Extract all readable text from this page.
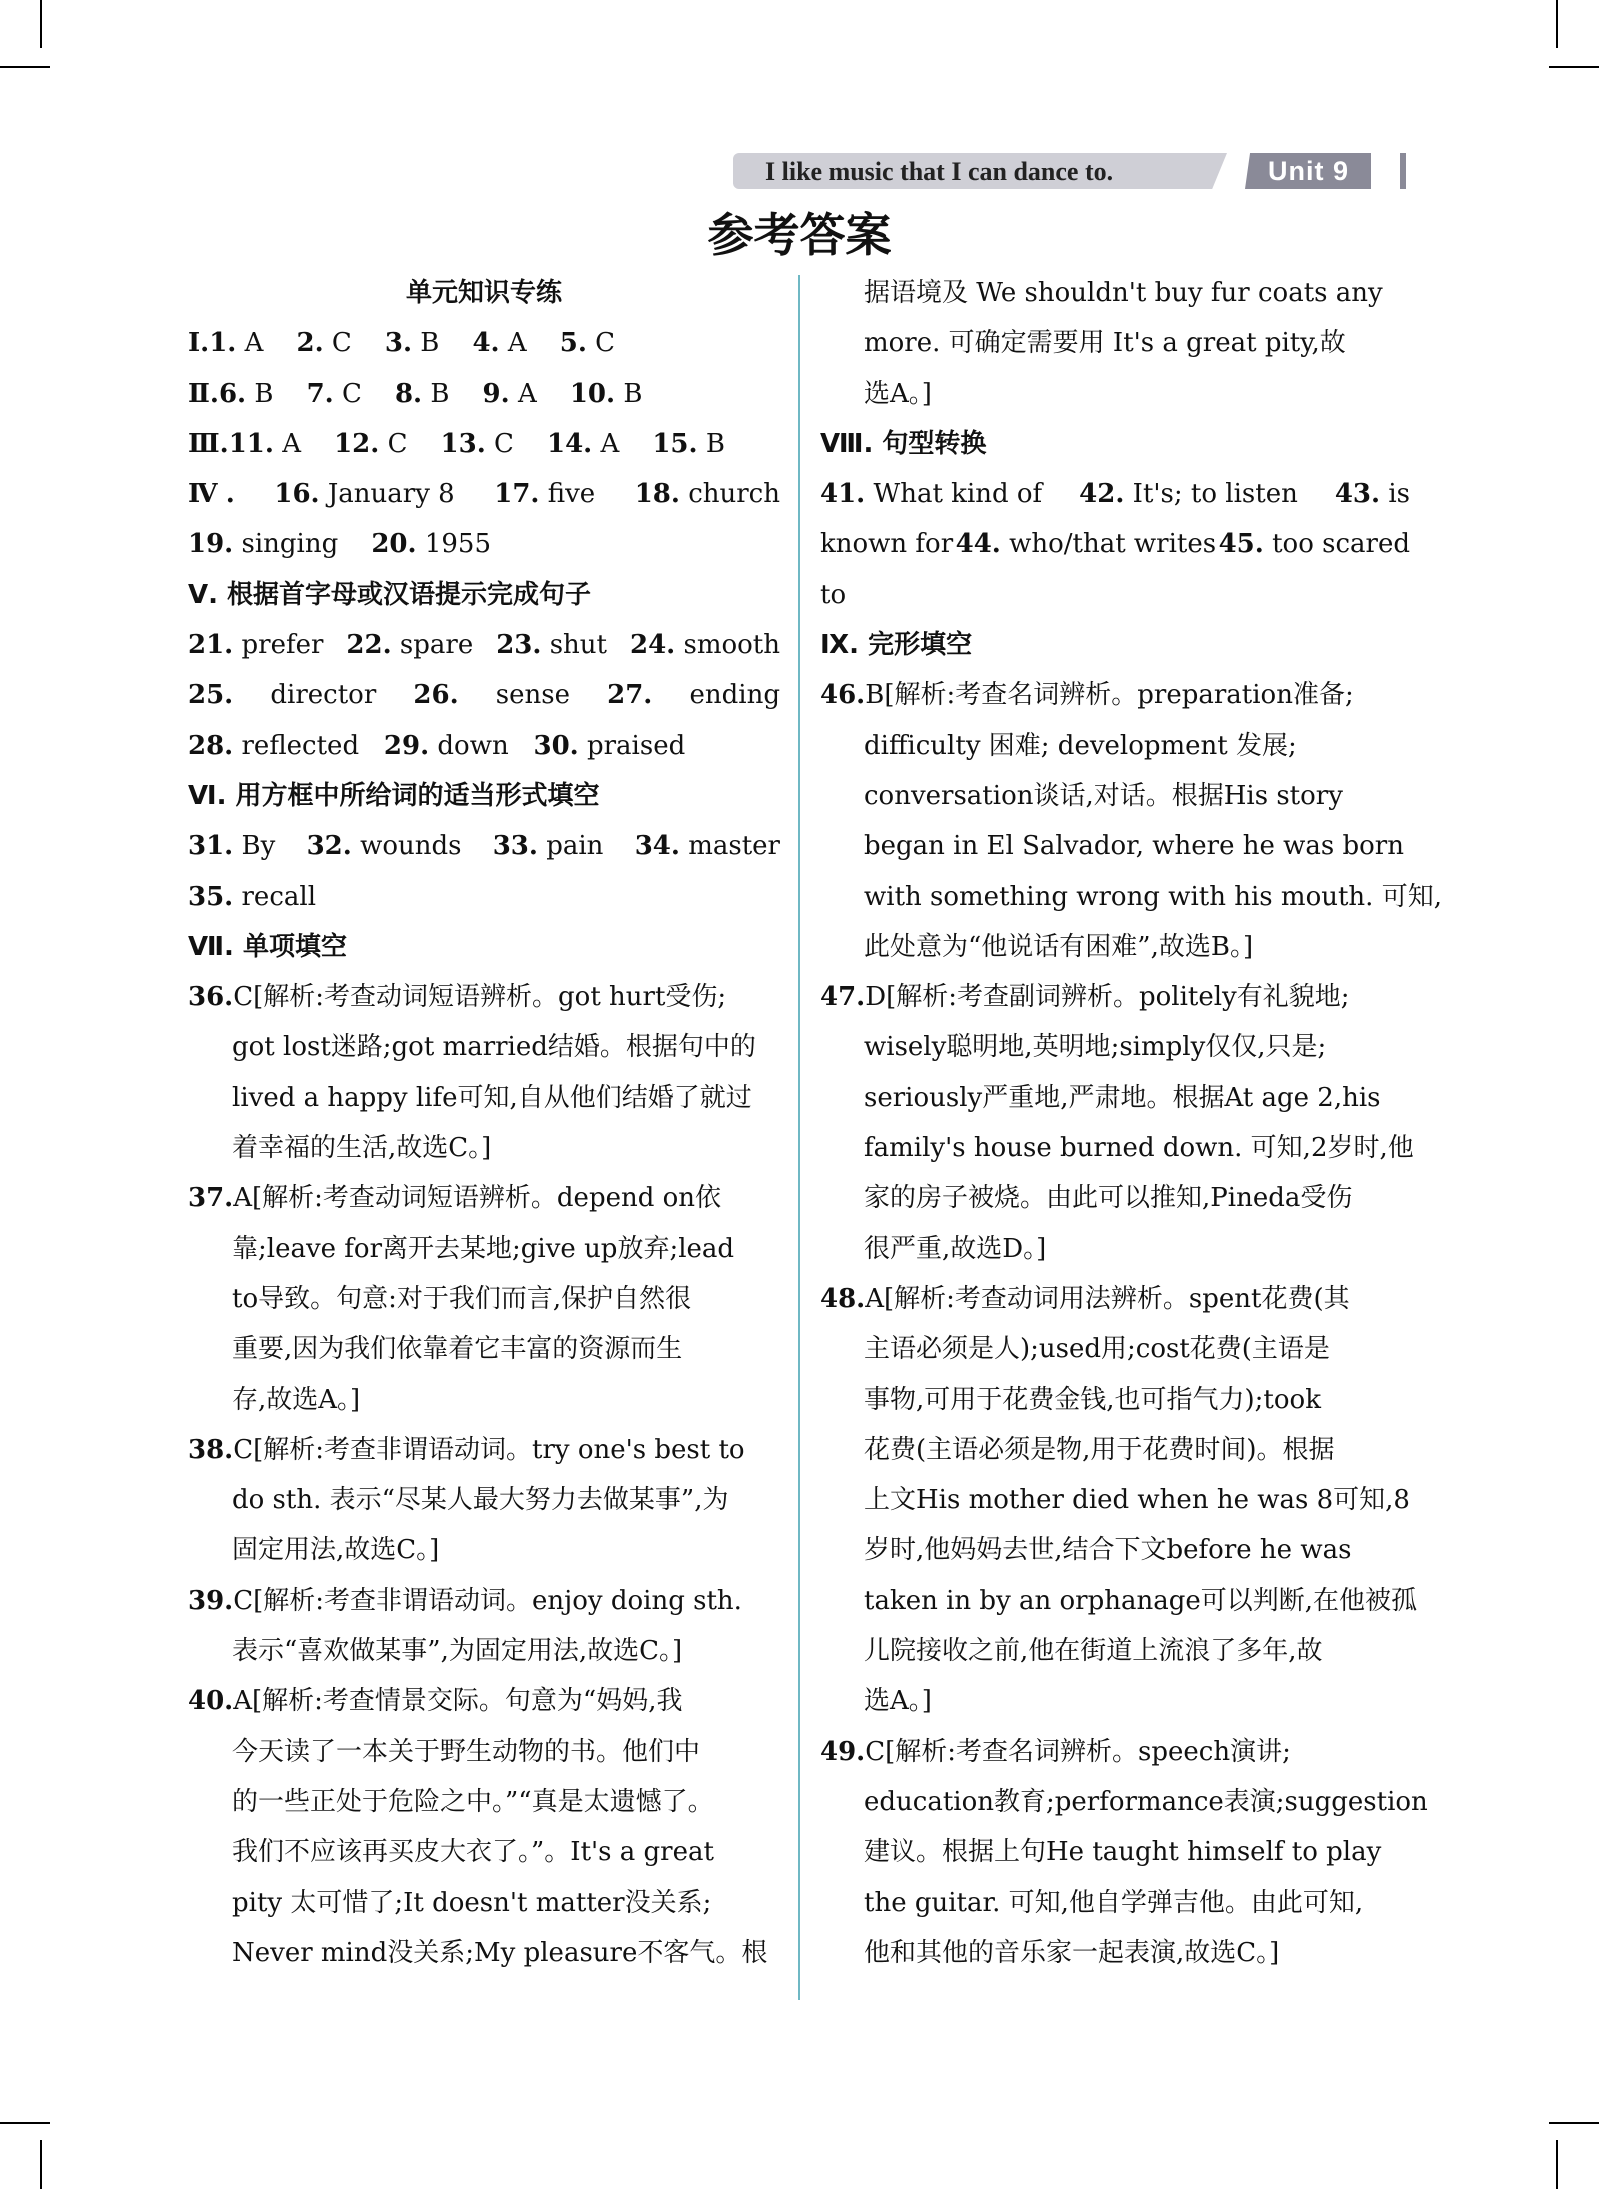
I like music that I can dance to.	Unit 9
参考答案
单元知识专练
Ⅰ.1. A 2. C 3. B 4. A 5. C
Ⅱ.6. B 7. C 8. B 9. A 10. B
Ⅲ.11. A 12. C 13. C 14. A 15. B
Ⅳ . 16. January 8 17. five 18. church
19. singing 20. 1955
Ⅴ. 根据首字母或汉语提示完成句子
21. prefer 22. spare 23. shut 24. smooth
25. director 26. sense 27. ending
28. reflected 29. down 30. praised
Ⅵ. 用方框中所给词的适当形式填空
31. By 32. wounds 33. pain 34. master
35. recall
Ⅶ. 单项填空
36.C[解析:考查动词短语辨析。got hurt受伤;
got lost迷路;got married结婚。根据句中的
lived a happy life可知,自从他们结婚了就过
着幸福的生活,故选C。]
37.A[解析:考查动词短语辨析。depend on依
靠;leave for离开去某地;give up放弃;lead
to导致。句意:对于我们而言,保护自然很
重要,因为我们依靠着它丰富的资源而生
存,故选A。]
38.C[解析:考查非谓语动词。try one's best to
do sth. 表示“尽某人最大努力去做某事”,为
固定用法,故选C。]
39.C[解析:考查非谓语动词。enjoy doing sth.
表示“喜欢做某事”,为固定用法,故选C。]
40.A[解析:考查情景交际。句意为“妈妈,我
今天读了一本关于野生动物的书。他们中
的一些正处于危险之中。”“真是太遗憾了。
我们不应该再买皮大衣了。”。It's a great
pity 太可惜了;It doesn't matter没关系;
Never mind没关系;My pleasure不客气。根
据语境及 We shouldn't buy fur coats any
more. 可确定需要用 It's a great pity,故
选A。]
Ⅷ. 句型转换
41. What kind of 42. It's; to listen 43. is
known for 44. who/that writes 45. too scared
to
Ⅸ. 完形填空
46.B[解析:考查名词辨析。preparation准备;
difficulty 困难; development 发展;
conversation谈话,对话。根据His story
began in El Salvador, where he was born
with something wrong with his mouth. 可知,
此处意为“他说话有困难”,故选B。]
47.D[解析:考查副词辨析。politely有礼貌地;
wisely聪明地,英明地;simply仅仅,只是;
seriously严重地,严肃地。根据At age 2,his
family's house burned down. 可知,2岁时,他
家的房子被烧。由此可以推知,Pineda受伤
很严重,故选D。]
48.A[解析:考查动词用法辨析。spent花费(其
主语必须是人);used用;cost花费(主语是
事物,可用于花费金钱,也可指气力);took
花费(主语必须是物,用于花费时间)。根据
上文His mother died when he was 8可知,8
岁时,他妈妈去世,结合下文before he was
taken in by an orphanage可以判断,在他被孤
儿院接收之前,他在街道上流浪了多年,故
选A。]
49.C[解析:考查名词辨析。speech演讲;
education教育;performance表演;suggestion
建议。根据上句He taught himself to play
the guitar. 可知,他自学弹吉他。由此可知,
他和其他的音乐家一起表演,故选C。]
